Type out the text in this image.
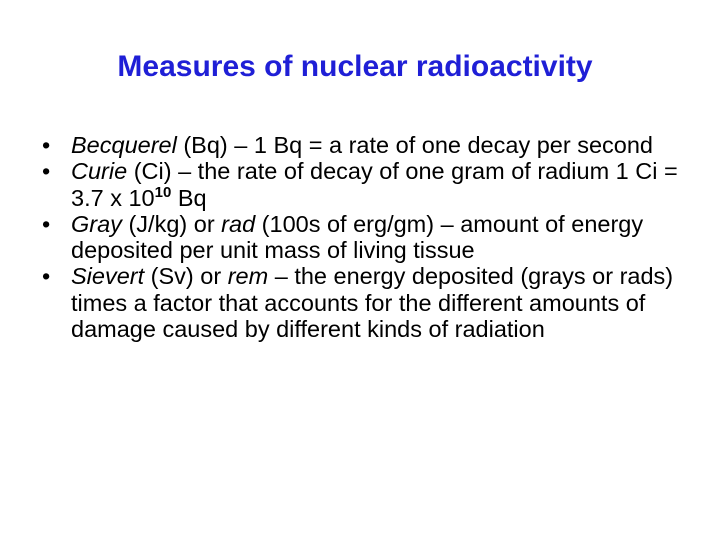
Measures of nuclear radioactivity
• Becquerel (Bq) – 1 Bq = a rate of one decay per second
• Curie (Ci) – the rate of decay of one gram of radium 1 Ci = 3.7 x $10^{10}$ Bq
• Gray (J/kg) or rad (100s of erg/gm) – amount of energy deposited per unit mass of living tissue
• Sievert (Sv) or rem – the energy deposited (grays or rads) times a factor that accounts for the different amounts of damage caused by different kinds of radiation
